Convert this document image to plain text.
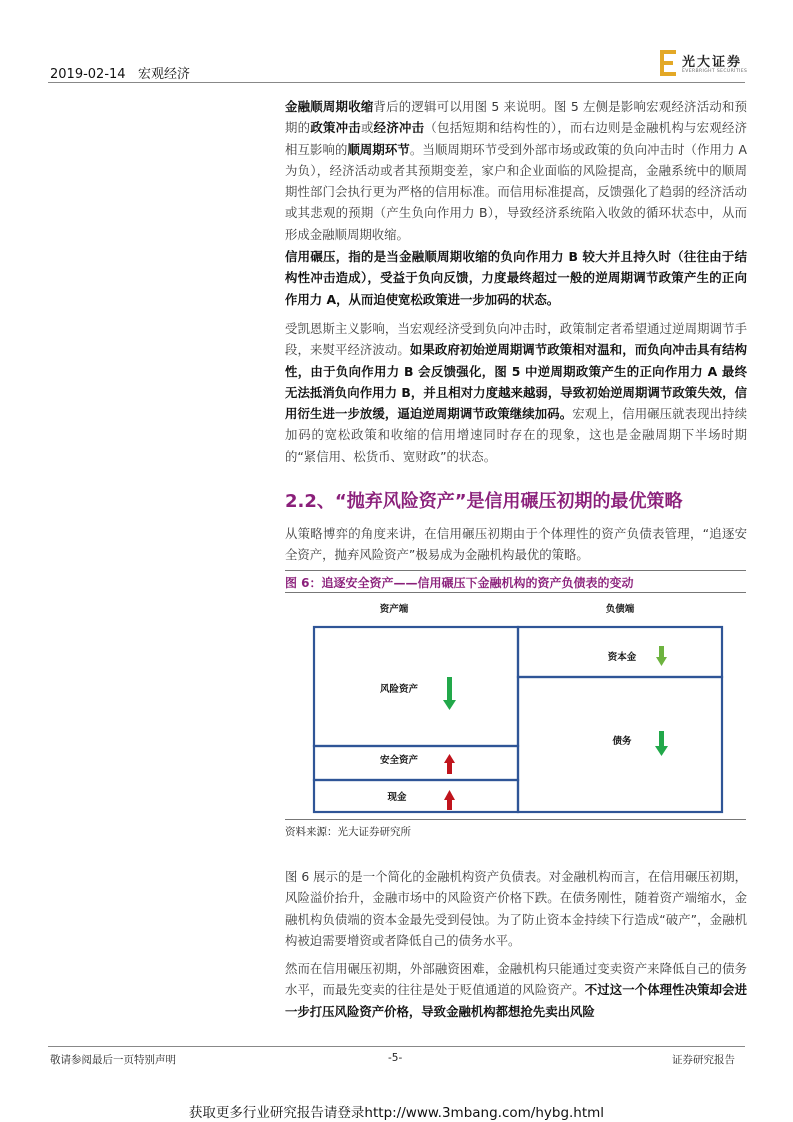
2019-02-14 宏观经济
光大证券
EVERBRIGHT SECURITIES

金融顺周期收缩背后的逻辑可以用图 5 来说明。图 5 左侧是影响宏观经济活动和预期的政策冲击或经济冲击（包括短期和结构性的），而右边则是金融机构与宏观经济相互影响的顺周期环节。当顺周期环节受到外部市场或政策的负向冲击时（作用力 A 为负），经济活动或者其预期变差，家户和企业面临的风险提高，金融系统中的顺周期性部门会执行更为严格的信用标准。而信用标准提高，反馈强化了趋弱的经济活动或其悲观的预期（产生负向作用力 B），导致经济系统陷入收敛的循环状态中，从而形成金融顺周期收缩。

信用碾压，指的是当金融顺周期收缩的负向作用力 B 较大并且持久时（往往由于结构性冲击造成），受益于负向反馈，力度最终超过一般的逆周期调节政策产生的正向作用力 A，从而迫使宽松政策进一步加码的状态。

受凯恩斯主义影响，当宏观经济受到负向冲击时，政策制定者希望通过逆周期调节手段，来熨平经济波动。如果政府初始逆周期调节政策相对温和，而负向冲击具有结构性，由于负向作用力 B 会反馈强化，图 5 中逆周期政策产生的正向作用力 A 最终无法抵消负向作用力 B，并且相对力度越来越弱，导致初始逆周期调节政策失效，信用衍生进一步放缓，逼迫逆周期调节政策继续加码。宏观上，信用碾压就表现出持续加码的宽松政策和收缩的信用增速同时存在的现象，这也是金融周期下半场时期的“紧信用、松货币、宽财政”的状态。

2.2、“抛弃风险资产”是信用碾压初期的最优策略

从策略博弈的角度来讲，在信用碾压初期由于个体理性的资产负债表管理，“追逐安全资产，抛弃风险资产”极易成为金融机构最优的策略。

图 6：追逐安全资产——信用碾压下金融机构的资产负债表的变动
资产端	负债端
风险资产
安全资产
现金
资本金
债务
资料来源：光大证券研究所

图 6 展示的是一个简化的金融机构资产负债表。对金融机构而言，在信用碾压初期，风险溢价抬升，金融市场中的风险资产价格下跌。在债务刚性，随着资产端缩水，金融机构负债端的资本金最先受到侵蚀。为了防止资本金持续下行造成“破产”，金融机构被迫需要增资或者降低自己的债务水平。

然而在信用碾压初期，外部融资困难，金融机构只能通过变卖资产来降低自己的债务水平，而最先变卖的往往是处于贬值通道的风险资产。不过这一个体理性决策却会进一步打压风险资产价格，导致金融机构都想抢先卖出风险

敬请参阅最后一页特别声明	-5-	证券研究报告
获取更多行业研究报告请登录http://www.3mbang.com/hybg.html
